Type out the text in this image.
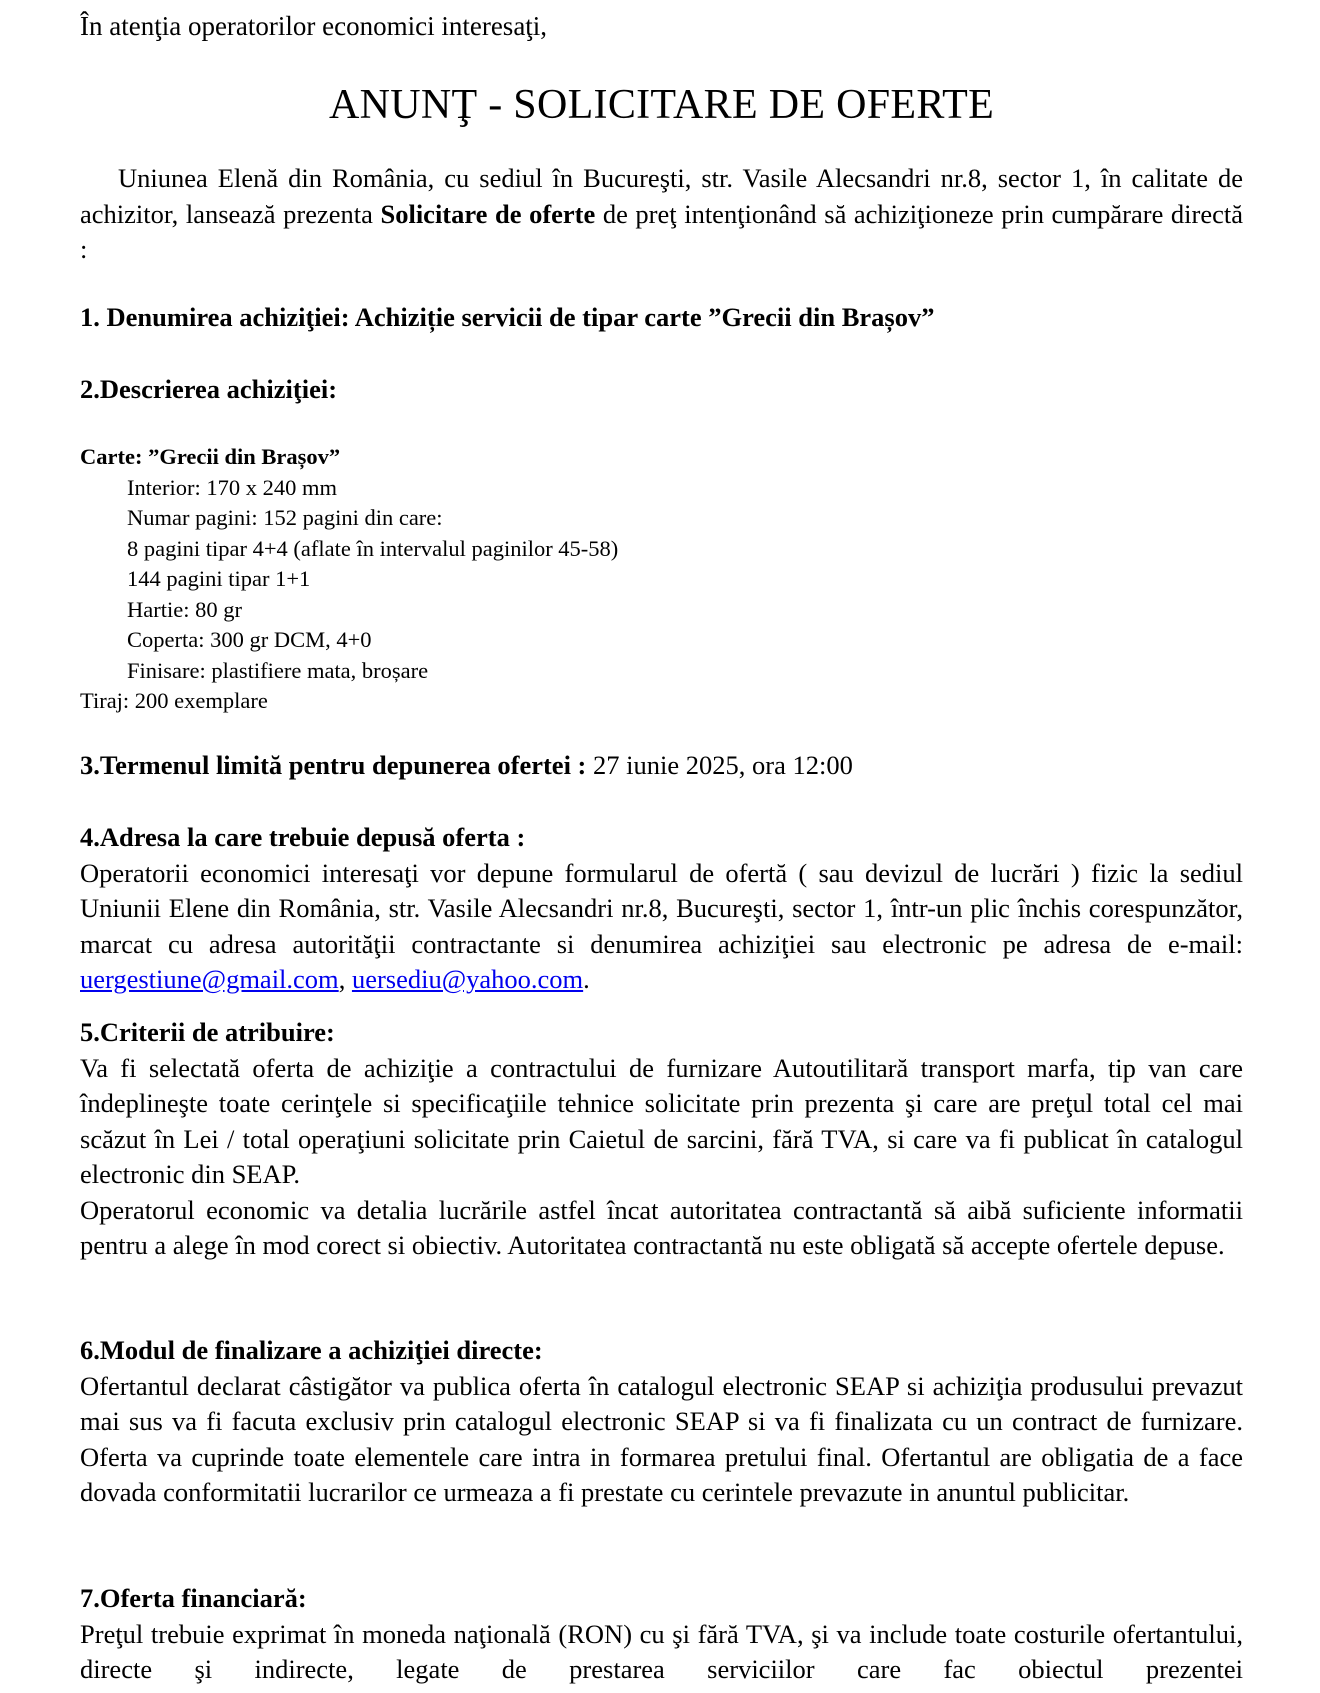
În atenţia operatorilor economici interesaţi,
ANUNŢ - SOLICITARE DE OFERTE

Uniunea Elenă din România, cu sediul în Bucureşti, str. Vasile Alecsandri nr.8, sector 1, în calitate de achizitor, lansează prezenta Solicitare de oferte de preţ intenţionând să achiziţioneze prin cumpărare directă :

1. Denumirea achiziţiei: Achiziție servicii de tipar carte ”Grecii din Brașov”

2.Descrierea achiziţiei:

Carte: ”Grecii din Brașov”
Interior: 170 x 240 mm
Numar pagini: 152 pagini din care:
8 pagini tipar 4+4 (aflate în intervalul paginilor 45-58)
144 pagini tipar 1+1
Hartie: 80 gr
Coperta: 300 gr DCM, 4+0
Finisare: plastifiere mata, broșare
Tiraj: 200 exemplare

3.Termenul limită pentru depunerea ofertei : 27 iunie 2025, ora 12:00

4.Adresa la care trebuie depusă oferta :

Operatorii economici interesaţi vor depune formularul de ofertă ( sau devizul de lucrări ) fizic la sediul Uniunii Elene din România, str. Vasile Alecsandri nr.8, Bucureşti, sector 1, într-un plic închis corespunzător, marcat cu adresa autorităţii contractante si denumirea achiziţiei sau electronic pe adresa de e-mail: uergestiune@gmail.com, uersediu@yahoo.com.

5.Criterii de atribuire:

Va fi selectată oferta de achiziţie a contractului de furnizare Autoutilitară transport marfa, tip van care îndeplineşte toate cerinţele si specificaţiile tehnice solicitate prin prezenta şi care are preţul total cel mai scăzut în Lei / total operaţiuni solicitate prin Caietul de sarcini, fără TVA, si care va fi publicat în catalogul electronic din SEAP.

Operatorul economic va detalia lucrările astfel încat autoritatea contractantă să aibă suficiente informatii pentru a alege în mod corect si obiectiv. Autoritatea contractantă nu este obligată să accepte ofertele depuse.

6.Modul de finalizare a achiziţiei directe:

Ofertantul declarat câstigător va publica oferta în catalogul electronic SEAP si achiziţia produsului prevazut mai sus va fi facuta exclusiv prin catalogul electronic SEAP si va fi finalizata cu un contract de furnizare. Oferta va cuprinde toate elementele care intra in formarea pretului final. Ofertantul are obligatia de a face dovada conformitatii lucrarilor ce urmeaza a fi prestate cu cerintele prevazute in anuntul publicitar.

7.Oferta financiară:

Preţul trebuie exprimat în moneda naţională (RON) cu şi fără TVA, şi va include toate costurile ofertantului, directe şi indirecte, legate de prestarea serviciilor care fac obiectul prezentei
